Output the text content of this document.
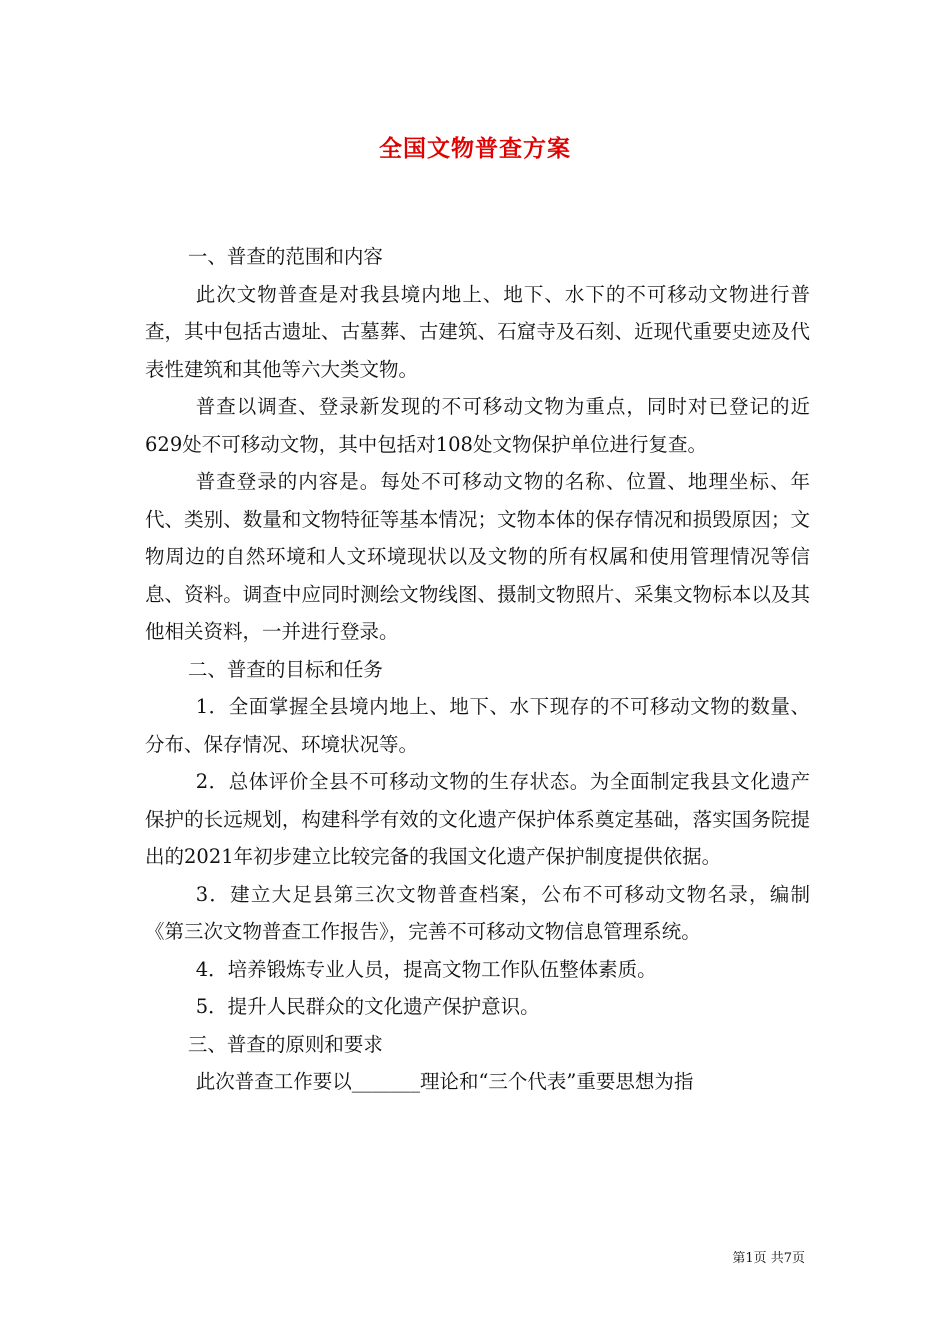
全国文物普查方案

一、普查的范围和内容

此次文物普查是对我县境内地上、地下、水下的不可移动文物进行普查，其中包括古遗址、古墓葬、古建筑、石窟寺及石刻、近现代重要史迹及代表性建筑和其他等六大类文物。

普查以调查、登录新发现的不可移动文物为重点，同时对已登记的近629处不可移动文物，其中包括对108处文物保护单位进行复查。

普查登录的内容是。每处不可移动文物的名称、位置、地理坐标、年代、类别、数量和文物特征等基本情况；文物本体的保存情况和损毁原因；文物周边的自然环境和人文环境现状以及文物的所有权属和使用管理情况等信息、资料。调查中应同时测绘文物线图、摄制文物照片、采集文物标本以及其他相关资料，一并进行登录。

二、普查的目标和任务

1．全面掌握全县境内地上、地下、水下现存的不可移动文物的数量、分布、保存情况、环境状况等。

2．总体评价全县不可移动文物的生存状态。为全面制定我县文化遗产保护的长远规划，构建科学有效的文化遗产保护体系奠定基础，落实国务院提出的2021年初步建立比较完备的我国文化遗产保护制度提供依据。

3．建立大足县第三次文物普查档案，公布不可移动文物名录，编制《第三次文物普查工作报告》，完善不可移动文物信息管理系统。

4．培养锻炼专业人员，提高文物工作队伍整体素质。

5．提升人民群众的文化遗产保护意识。

三、普查的原则和要求

此次普查工作要以_______理论和“三个代表”重要思想为指

第1页 共7页
